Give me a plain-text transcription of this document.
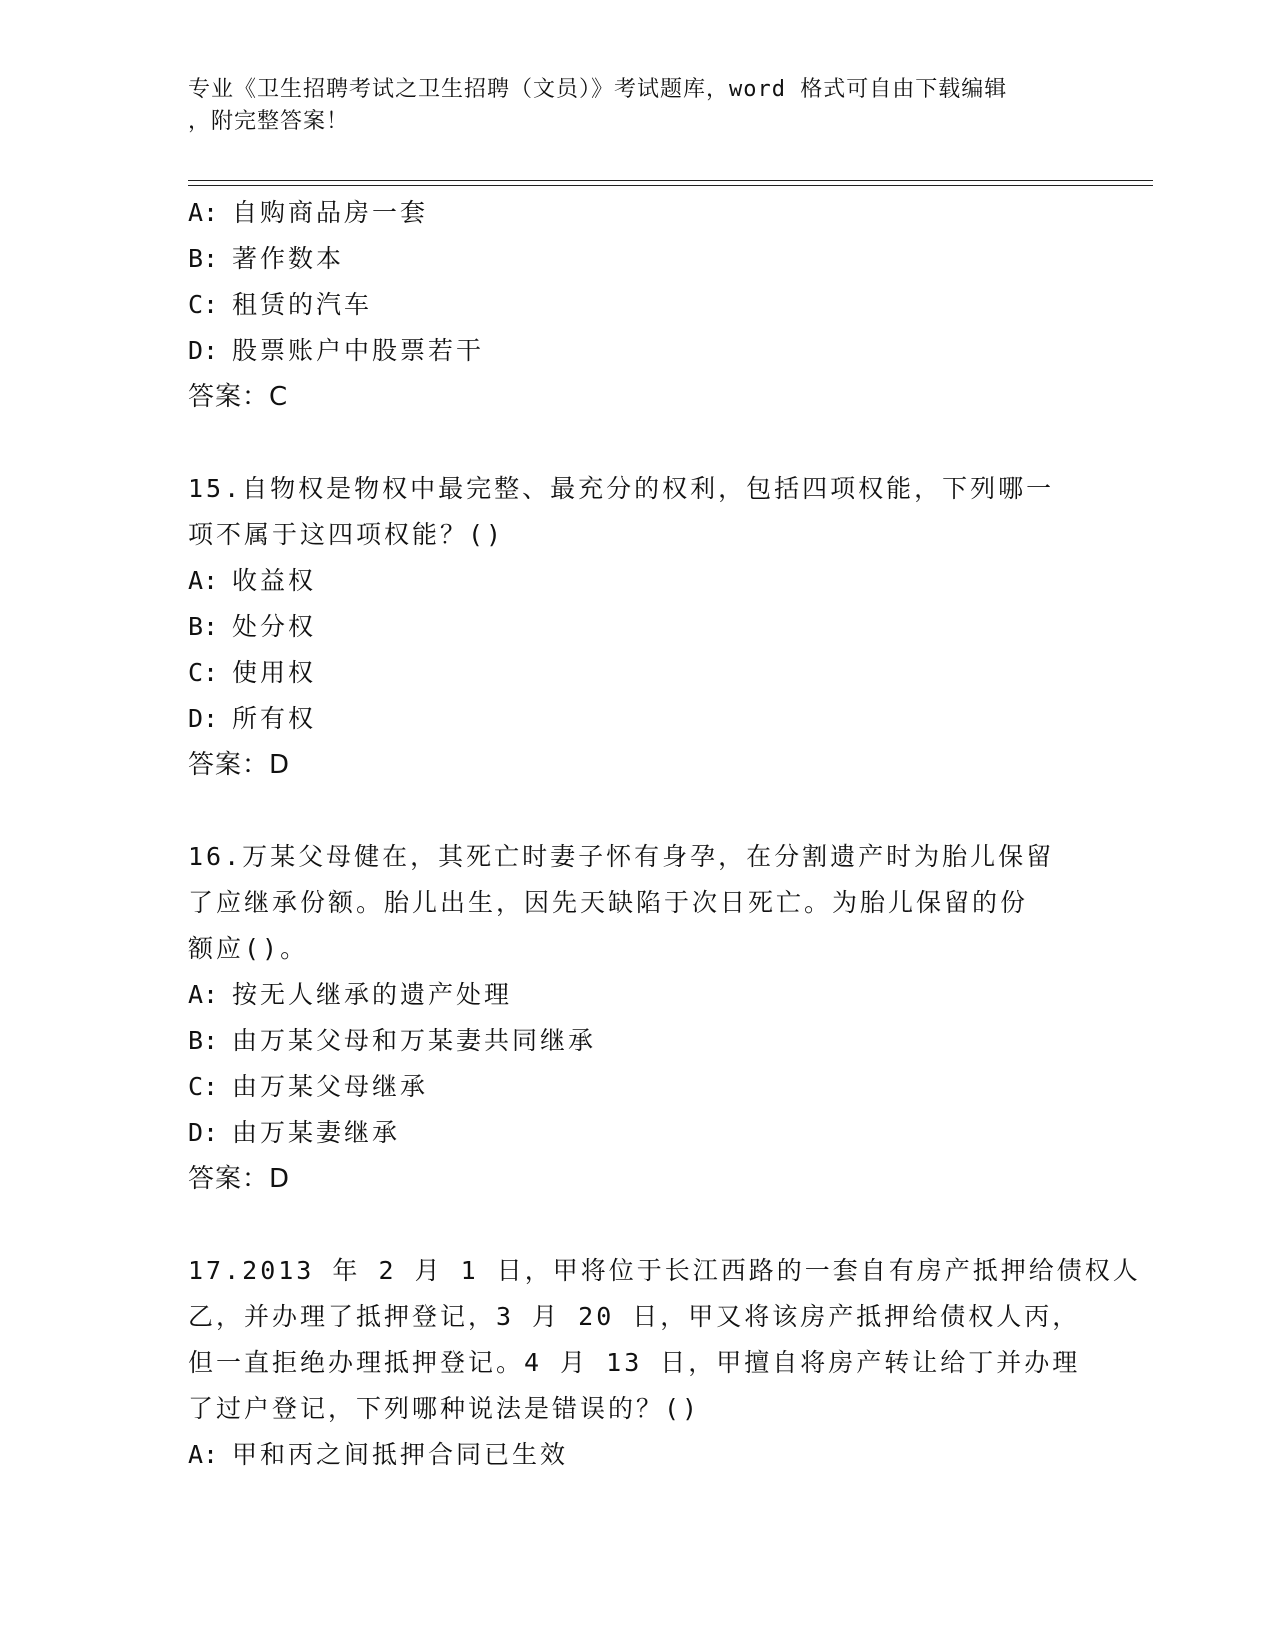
专业《卫生招聘考试之卫生招聘（文员）》考试题库，word 格式可自由下载编辑
，附完整答案！
A: 自购商品房一套
B: 著作数本
C: 租赁的汽车
D: 股票账户中股票若干
答案：C
15.自物权是物权中最完整、最充分的权利，包括四项权能，下列哪一
项不属于这四项权能？()
A: 收益权
B: 处分权
C: 使用权
D: 所有权
答案：D
16.万某父母健在，其死亡时妻子怀有身孕，在分割遗产时为胎儿保留
了应继承份额。胎儿出生，因先天缺陷于次日死亡。为胎儿保留的份
额应()。
A: 按无人继承的遗产处理
B: 由万某父母和万某妻共同继承
C: 由万某父母继承
D: 由万某妻继承
答案：D
17.2013 年 2 月 1 日，甲将位于长江西路的一套自有房产抵押给债权人
乙，并办理了抵押登记，3 月 20 日，甲又将该房产抵押给债权人丙，
但一直拒绝办理抵押登记。4 月 13 日，甲擅自将房产转让给丁并办理
了过户登记，下列哪种说法是错误的？()
A: 甲和丙之间抵押合同已生效
